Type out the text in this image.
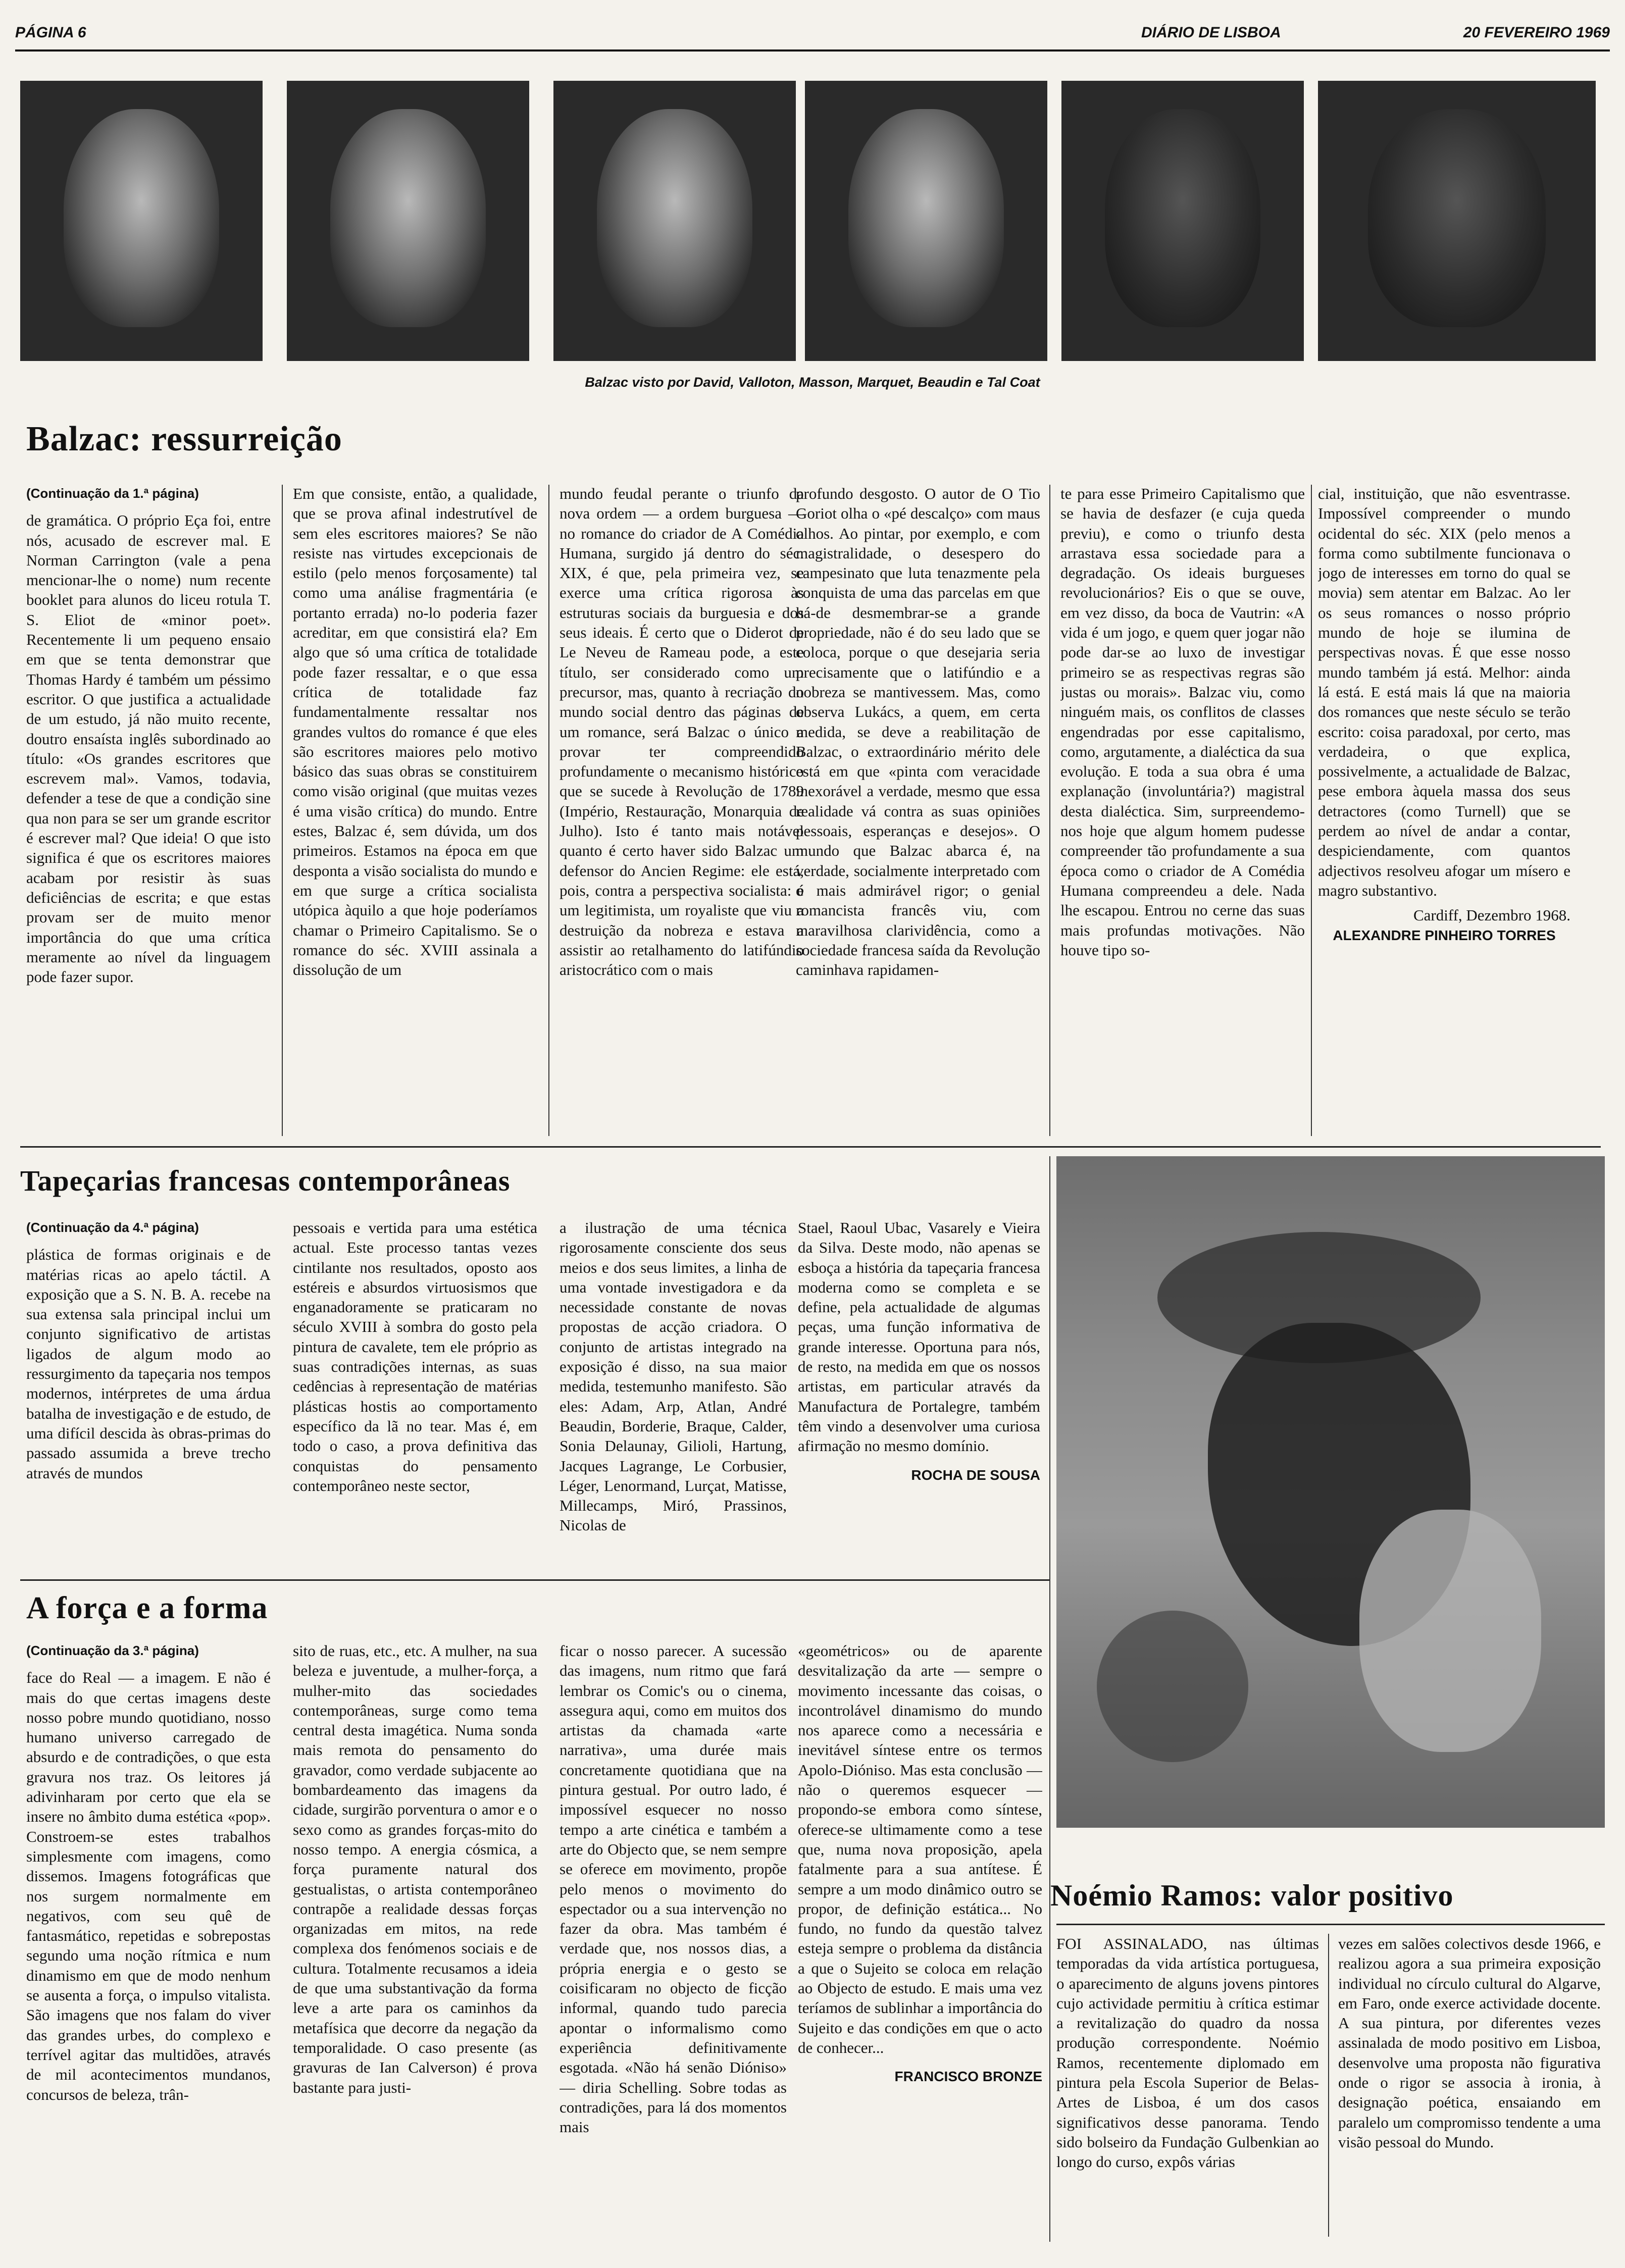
PÁGINA 6	DIÁRIO DE LISBOA	20 FEVEREIRO 1969
Balzac visto por David, Valloton, Masson, Marquet, Beaudin e Tal Coat
Balzac: ressurreição
(Continuação da 1.ª página)
de gramática. O próprio Eça foi, entre nós, acusado de escrever mal. E Norman Carrington (vale a pena mencionar-lhe o nome) num recente booklet para alunos do liceu rotula T. S. Eliot de «minor poet». Recentemente li um pequeno ensaio em que se tenta demonstrar que Thomas Hardy é também um péssimo escritor. O que justifica a actualidade de um estudo, já não muito recente, doutro ensaísta inglês subordinado ao título: «Os grandes escritores que escrevem mal». Vamos, todavia, defender a tese de que a condição sine qua non para se ser um grande escritor é escrever mal? Que ideia! O que isto significa é que os escritores maiores acabam por resistir às suas deficiências de escrita; e que estas provam ser de muito menor importância do que uma crítica meramente ao nível da linguagem pode fazer supor.
Em que consiste, então, a qualidade, que se prova afinal indestrutível de sem eles escritores maiores? Se não resiste nas virtudes excepcionais de estilo (pelo menos forçosamente) tal como uma análise fragmentária (e portanto errada) no-lo poderia fazer acreditar, em que consistirá ela? Em algo que só uma crítica de totalidade pode fazer ressaltar, e o que essa crítica de totalidade faz fundamentalmente ressaltar nos grandes vultos do romance é que eles são escritores maiores pelo motivo básico das suas obras se constituirem como visão original (que muitas vezes é uma visão crítica) do mundo. Entre estes, Balzac é, sem dúvida, um dos primeiros. Estamos na época em que desponta a visão socialista do mundo e em que surge a crítica socialista utópica àquilo a que hoje poderíamos chamar o Primeiro Capitalismo. Se o romance do séc. XVIII assinala a dissolução de um
mundo feudal perante o triunfo da nova ordem — a ordem burguesa — no romance do criador de A Comédia Humana, surgido já dentro do séc. XIX, é que, pela primeira vez, se exerce uma crítica rigorosa às estruturas sociais da burguesia e dos seus ideais. É certo que o Diderot de Le Neveu de Rameau pode, a este título, ser considerado como um precursor, mas, quanto à recriação do mundo social dentro das páginas de um romance, será Balzac o único a provar ter compreendido profundamente o mecanismo histórico que se sucede à Revolução de 1789 (Império, Restauração, Monarquia de Julho). Isto é tanto mais notável quanto é certo haver sido Balzac um defensor do Ancien Regime: ele está, pois, contra a perspectiva socialista: é um legitimista, um royaliste que viu a destruição da nobreza e estava a assistir ao retalhamento do latifúndio aristocrático com o mais
profundo desgosto. O autor de O Tio Goriot olha o «pé descalço» com maus olhos. Ao pintar, por exemplo, e com magistralidade, o desespero do campesinato que luta tenazmente pela conquista de uma das parcelas em que há-de desmembrar-se a grande propriedade, não é do seu lado que se coloca, porque o que desejaria seria precisamente que o latifúndio e a nobreza se mantivessem. Mas, como observa Lukács, a quem, em certa medida, se deve a reabilitação de Balzac, o extraordinário mérito dele está em que «pinta com veracidade inexorável a verdade, mesmo que essa realidade vá contra as suas opiniões pessoais, esperanças e desejos». O mundo que Balzac abarca é, na verdade, socialmente interpretado com o mais admirável rigor; o genial romancista francês viu, com maravilhosa clarividência, como a sociedade francesa saída da Revolução caminhava rapidamen-
te para esse Primeiro Capitalismo que se havia de desfazer (e cuja queda previu), e como o triunfo desta arrastava essa sociedade para a degradação. Os ideais burgueses revolucionários? Eis o que se ouve, em vez disso, da boca de Vautrin: «A vida é um jogo, e quem quer jogar não pode dar-se ao luxo de investigar primeiro se as respectivas regras são justas ou morais». Balzac viu, como ninguém mais, os conflitos de classes engendradas por esse capitalismo, como, argutamente, a dialéctica da sua evolução. E toda a sua obra é uma explanação (involuntária?) magistral desta dialéctica. Sim, surpreendemo-nos hoje que algum homem pudesse compreender tão profundamente a sua época como o criador de A Comédia Humana compreendeu a dele. Nada lhe escapou. Entrou no cerne das suas mais profundas motivações. Não houve tipo so-
cial, instituição, que não esventrasse. Impossível compreender o mundo ocidental do séc. XIX (pelo menos a forma como subtilmente funcionava o jogo de interesses em torno do qual se movia) sem atentar em Balzac. Ao ler os seus romances o nosso próprio mundo de hoje se ilumina de perspectivas novas. É que esse nosso mundo também já está. Melhor: ainda lá está. E está mais lá que na maioria dos romances que neste século se terão escrito: coisa paradoxal, por certo, mas verdadeira, o que explica, possivelmente, a actualidade de Balzac, pese embora àquela massa dos seus detractores (como Turnell) que se perdem ao nível de andar a contar, despiciendamente, com quantos adjectivos resolveu afogar um mísero e magro substantivo.
Cardiff, Dezembro 1968.
ALEXANDRE PINHEIRO TORRES
Tapeçarias francesas contemporâneas
(Continuação da 4.ª página)
plástica de formas originais e de matérias ricas ao apelo táctil. A exposição que a S. N. B. A. recebe na sua extensa sala principal inclui um conjunto significativo de artistas ligados de algum modo ao ressurgimento da tapeçaria nos tempos modernos, intérpretes de uma árdua batalha de investigação e de estudo, de uma difícil descida às obras-primas do passado assumida a breve trecho através de mundos
pessoais e vertida para uma estética actual. Este processo tantas vezes cintilante nos resultados, oposto aos estéreis e absurdos virtuosismos que enganadoramente se praticaram no século XVIII à sombra do gosto pela pintura de cavalete, tem ele próprio as suas contradições internas, as suas cedências à representação de matérias plásticas hostis ao comportamento específico da lã no tear. Mas é, em todo o caso, a prova definitiva das conquistas do pensamento contemporâneo neste sector,
a ilustração de uma técnica rigorosamente consciente dos seus meios e dos seus limites, a linha de uma vontade investigadora e da necessidade constante de novas propostas de acção criadora. O conjunto de artistas integrado na exposição é disso, na sua maior medida, testemunho manifesto. São eles: Adam, Arp, Atlan, André Beaudin, Borderie, Braque, Calder, Sonia Delaunay, Gilioli, Hartung, Jacques Lagrange, Le Corbusier, Léger, Lenormand, Lurçat, Matisse, Millecamps, Miró, Prassinos, Nicolas de
Stael, Raoul Ubac, Vasarely e Vieira da Silva. Deste modo, não apenas se esboça a história da tapeçaria francesa moderna como se completa e se define, pela actualidade de algumas peças, uma função informativa de grande interesse. Oportuna para nós, de resto, na medida em que os nossos artistas, em particular através da Manufactura de Portalegre, também têm vindo a desenvolver uma curiosa afirmação no mesmo domínio.
ROCHA DE SOUSA
A força e a forma
(Continuação da 3.ª página)
face do Real — a imagem. E não é mais do que certas imagens deste nosso pobre mundo quotidiano, nosso humano universo carregado de absurdo e de contradições, o que esta gravura nos traz. Os leitores já adivinharam por certo que ela se insere no âmbito duma estética «pop». Constroem-se estes trabalhos simplesmente com imagens, como dissemos. Imagens fotográficas que nos surgem normalmente em negativos, com seu quê de fantasmático, repetidas e sobrepostas segundo uma noção rítmica e num dinamismo em que de modo nenhum se ausenta a força, o impulso vitalista. São imagens que nos falam do viver das grandes urbes, do complexo e terrível agitar das multidões, através de mil acontecimentos mundanos, concursos de beleza, trân-
sito de ruas, etc., etc. A mulher, na sua beleza e juventude, a mulher-força, a mulher-mito das sociedades contemporâneas, surge como tema central desta imagética. Numa sonda mais remota do pensamento do gravador, como verdade subjacente ao bombardeamento das imagens da cidade, surgirão porventura o amor e o sexo como as grandes forças-mito do nosso tempo. A energia cósmica, a força puramente natural dos gestualistas, o artista contemporâneo contrapõe a realidade dessas forças organizadas em mitos, na rede complexa dos fenómenos sociais e de cultura. Totalmente recusamos a ideia de que uma substantivação da forma leve a arte para os caminhos da metafísica que decorre da negação da temporalidade. O caso presente (as gravuras de Ian Calverson) é prova bastante para justi-
ficar o nosso parecer. A sucessão das imagens, num ritmo que fará lembrar os Comic's ou o cinema, assegura aqui, como em muitos dos artistas da chamada «arte narrativa», uma durée mais concretamente quotidiana que na pintura gestual. Por outro lado, é impossível esquecer no nosso tempo a arte cinética e também a arte do Objecto que, se nem sempre se oferece em movimento, propõe pelo menos o movimento do espectador ou a sua intervenção no fazer da obra. Mas também é verdade que, nos nossos dias, a própria energia e o gesto se coisificaram no objecto de ficção informal, quando tudo parecia apontar o informalismo como experiência definitivamente esgotada. «Não há senão Dióniso» — diria Schelling. Sobre todas as contradições, para lá dos momentos mais
«geométricos» ou de aparente desvitalização da arte — sempre o movimento incessante das coisas, o incontrolável dinamismo do mundo nos aparece como a necessária e inevitável síntese entre os termos Apolo-Dióniso. Mas esta conclusão — não o queremos esquecer — propondo-se embora como síntese, oferece-se ultimamente como a tese que, numa nova proposição, apela fatalmente para a sua antítese. É sempre a um modo dinâmico outro se propor, de definição estática... No fundo, no fundo da questão talvez esteja sempre o problema da distância a que o Sujeito se coloca em relação ao Objecto de estudo. E mais uma vez teríamos de sublinhar a importância do Sujeito e das condições em que o acto de conhecer...
FRANCISCO BRONZE
Noémio Ramos: valor positivo
FOI ASSINALADO, nas últimas temporadas da vida artística portuguesa, o aparecimento de alguns jovens pintores cujo actividade permitiu à crítica estimar a revitalização do quadro da nossa produção correspondente. Noémio Ramos, recentemente diplomado em pintura pela Escola Superior de Belas-Artes de Lisboa, é um dos casos significativos desse panorama. Tendo sido bolseiro da Fundação Gulbenkian ao longo do curso, expôs várias
vezes em salões colectivos desde 1966, e realizou agora a sua primeira exposição individual no círculo cultural do Algarve, em Faro, onde exerce actividade docente. A sua pintura, por diferentes vezes assinalada de modo positivo em Lisboa, desenvolve uma proposta não figurativa onde o rigor se associa à ironia, à designação poética, ensaiando em paralelo um compromisso tendente a uma visão pessoal do Mundo.
